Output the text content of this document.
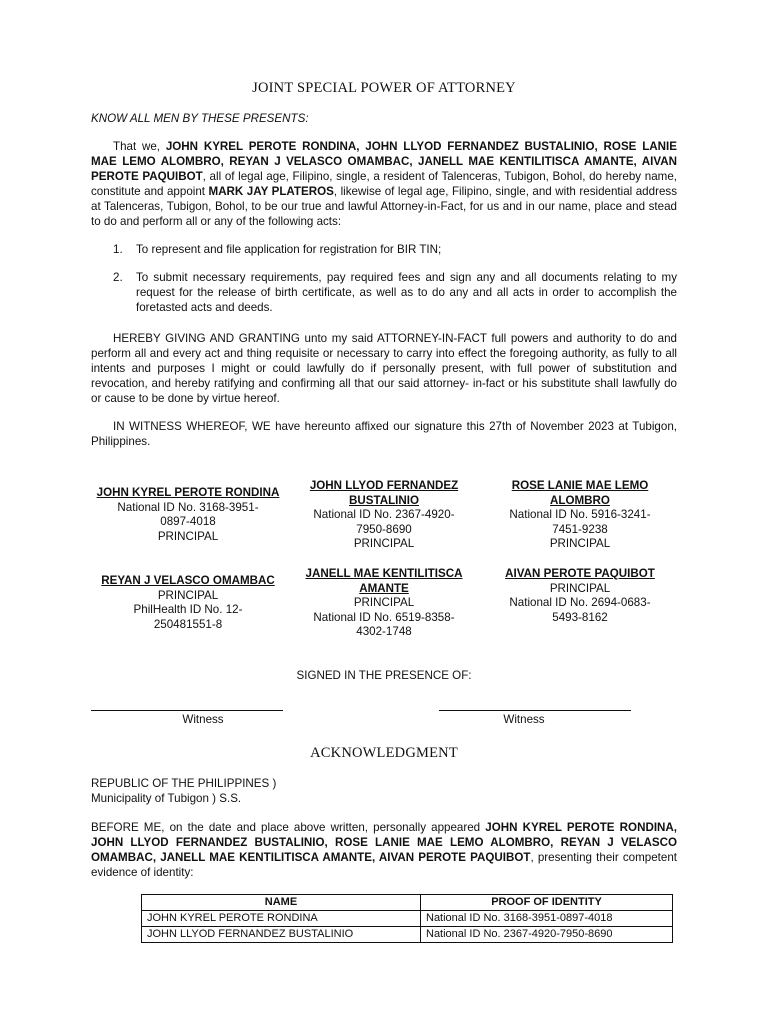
JOINT SPECIAL POWER OF ATTORNEY
KNOW ALL MEN BY THESE PRESENTS:
That we, JOHN KYREL PEROTE RONDINA, JOHN LLYOD FERNANDEZ BUSTALINIO, ROSE LANIE MAE LEMO ALOMBRO, REYAN J VELASCO OMAMBAC, JANELL MAE KENTILITISCA AMANTE, AIVAN PEROTE PAQUIBOT, all of legal age, Filipino, single, a resident of Talenceras, Tubigon, Bohol, do hereby name, constitute and appoint MARK JAY PLATEROS, likewise of legal age, Filipino, single, and with residential address at Talenceras, Tubigon, Bohol, to be our true and lawful Attorney-in-Fact, for us and in our name, place and stead to do and perform all or any of the following acts:
1. To represent and file application for registration for BIR TIN;
2. To submit necessary requirements, pay required fees and sign any and all documents relating to my request for the release of birth certificate, as well as to do any and all acts in order to accomplish the foretasted acts and deeds.
HEREBY GIVING AND GRANTING unto my said ATTORNEY-IN-FACT full powers and authority to do and perform all and every act and thing requisite or necessary to carry into effect the foregoing authority, as fully to all intents and purposes I might or could lawfully do if personally present, with full power of substitution and revocation, and hereby ratifying and confirming all that our said attorney- in-fact or his substitute shall lawfully do or cause to be done by virtue hereof.
IN WITNESS WHEREOF, WE have hereunto affixed our signature this 27th of November 2023 at Tubigon, Philippines.
JOHN KYREL PEROTE RONDINA
National ID No. 3168-3951-
0897-4018
PRINCIPAL
JOHN LLYOD FERNANDEZ BUSTALINIO
National ID No. 2367-4920-
7950-8690
PRINCIPAL
ROSE LANIE MAE LEMO ALOMBRO
National ID No. 5916-3241-
7451-9238
PRINCIPAL
REYAN J VELASCO OMAMBAC
PRINCIPAL
PhilHealth ID No. 12-
250481551-8
JANELL MAE KENTILITISCA AMANTE
PRINCIPAL
National ID No. 6519-8358-
4302-1748
AIVAN PEROTE PAQUIBOT
PRINCIPAL
National ID No. 2694-0683-
5493-8162
SIGNED IN THE PRESENCE OF:
Witness	Witness
ACKNOWLEDGMENT
REPUBLIC OF THE PHILIPPINES )
Municipality of Tubigon ) S.S.
BEFORE ME, on the date and place above written, personally appeared JOHN KYREL PEROTE RONDINA, JOHN LLYOD FERNANDEZ BUSTALINIO, ROSE LANIE MAE LEMO ALOMBRO, REYAN J VELASCO OMAMBAC, JANELL MAE KENTILITISCA AMANTE, AIVAN PEROTE PAQUIBOT, presenting their competent evidence of identity:
NAME	PROOF OF IDENTITY
JOHN KYREL PEROTE RONDINA	National ID No. 3168-3951-0897-4018
JOHN LLYOD FERNANDEZ BUSTALINIO	National ID No. 2367-4920-7950-8690
